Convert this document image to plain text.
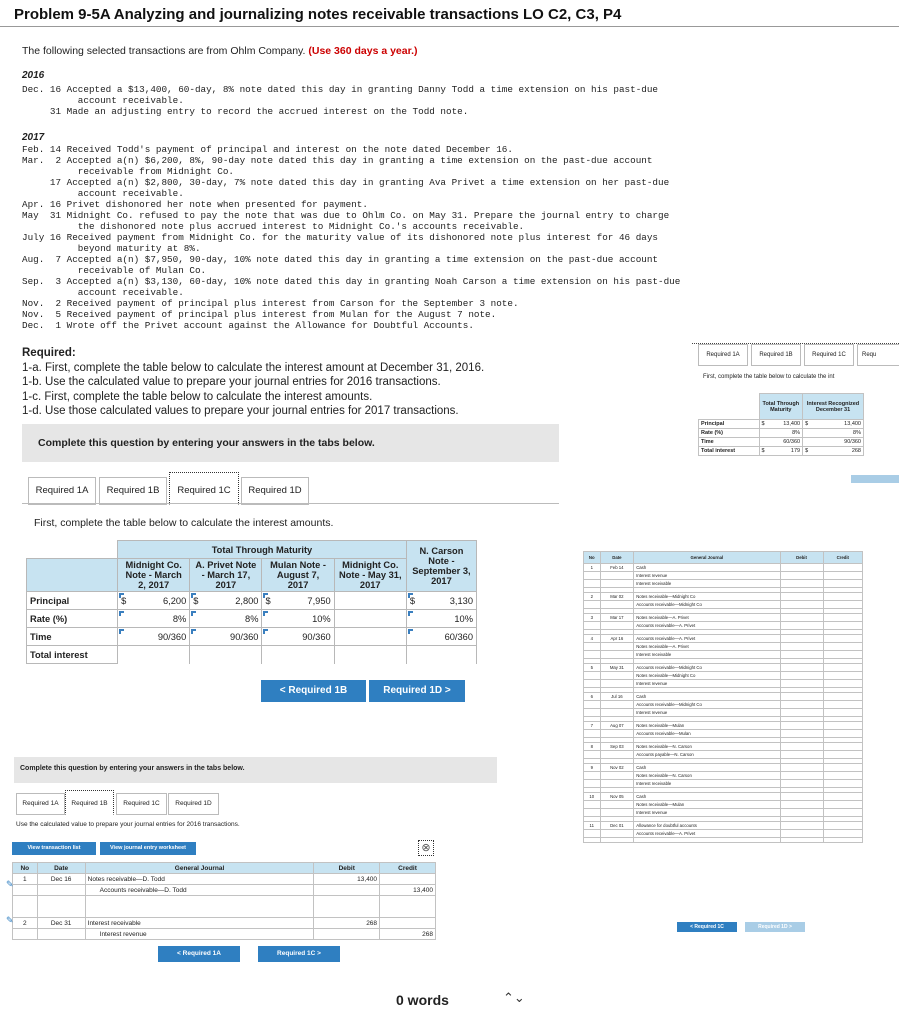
Problem 9-5A Analyzing and journalizing notes receivable transactions LO C2, C3, P4
The following selected transactions are from Ohlm Company. (Use 360 days a year.)
2016
Dec. 16 Accepted a $13,400, 60-day, 8% note dated this day in granting Danny Todd a time extension on his past-due
account receivable.
31 Made an adjusting entry to record the accrued interest on the Todd note.
2017
Feb. 14 Received Todd's payment of principal and interest on the note dated December 16.
Mar.  2 Accepted a(n) $6,200, 8%, 90-day note dated this day in granting a time extension on the past-due account
receivable from Midnight Co.
17 Accepted a(n) $2,800, 30-day, 7% note dated this day in granting Ava Privet a time extension on her past-due
account receivable.
Apr. 16 Privet dishonored her note when presented for payment.
May  31 Midnight Co. refused to pay the note that was due to Ohlm Co. on May 31. Prepare the journal entry to charge
the dishonored note plus accrued interest to Midnight Co.'s accounts receivable.
July 16 Received payment from Midnight Co. for the maturity value of its dishonored note plus interest for 46 days
beyond maturity at 8%.
Aug.  7 Accepted a(n) $7,950, 90-day, 10% note dated this day in granting a time extension on the past-due account
receivable of Mulan Co.
Sep.  3 Accepted a(n) $3,130, 60-day, 10% note dated this day in granting Noah Carson a time extension on his past-due
account receivable.
Nov.  2 Received payment of principal plus interest from Carson for the September 3 note.
Nov.  5 Received payment of principal plus interest from Mulan for the August 7 note.
Dec.  1 Wrote off the Privet account against the Allowance for Doubtful Accounts.
Required:
1-a. First, complete the table below to calculate the interest amount at December 31, 2016.
1-b. Use the calculated value to prepare your journal entries for 2016 transactions.
1-c. First, complete the table below to calculate the interest amounts.
1-d. Use those calculated values to prepare your journal entries for 2017 transactions.
Complete this question by entering your answers in the tabs below.
Required 1A	Required 1B	Required 1C	Required 1D
First, complete the table below to calculate the interest amounts.
	Total Through Maturity				N. Carson Note - September 3, 2017
	Midnight Co. Note - March 2, 2017	A. Privet Note - March 17, 2017	Mulan Note - August 7, 2017	Midnight Co. Note - May 31, 2017	
Principal	$ 6,200	$ 2,800	$ 7,950		$ 3,130
Rate (%)	8%	8%	10%		10%
Time	90/360	90/360	90/360		60/360
Total interest					
< Required 1B	Required 1D >
Complete this question by entering your answers in the tabs below.
Required 1A	Required 1B	Required 1C	Required 1D
Use the calculated value to prepare your journal entries for 2016 transactions.
View transaction list	View journal entry worksheet	⊗
No	Date	General Journal	Debit	Credit
1	Dec 16	Notes receivable—D. Todd	13,400	
		Accounts receivable—D. Todd		13,400

2	Dec 31	Interest receivable	268	
		Interest revenue		268
✎
✎
< Required 1A	Required 1C >
0 words	⌃⌄
Required 1A	Required 1B	Required 1C	Requ
First, complete the table below to calculate the int
	Total Through Maturity	Interest Recognized December 31
Principal	$ 13,400	$ 13,400
Rate (%)	8%	8%
Time	60/360	90/360
Total interest	$ 179	$ 268
No	Date	General Journal	Debit	Credit
1	Feb 14	Cash		
		Interest revenue		
		Interest receivable		

2	Mar 02	Notes receivable—Midnight Co		
		Accounts receivable—Midnight Co		

3	Mar 17	Notes receivable—A. Privet		
		Accounts receivable—A. Privet		

4	Apr 16	Accounts receivable—A. Privet		
		Notes receivable—A. Privet		
		Interest receivable		

5	May 31	Accounts receivable—Midnight Co		
		Notes receivable—Midnight Co		
		Interest revenue		

6	Jul 16	Cash		
		Accounts receivable—Midnight Co		
		Interest revenue		

7	Aug 07	Notes receivable—Mulan		
		Accounts receivable—Mulan		

8	Sep 03	Notes receivable—N. Carson		
		Accounts payable—N. Carson		

9	Nov 02	Cash		
		Notes receivable—N. Carson		
		Interest receivable		

10	Nov 05	Cash		
		Notes receivable—Mulan		
		Interest revenue		

11	Dec 01	Allowance for doubtful accounts		
		Accounts receivable—A. Privet		

< Required 1C	Required 1D >
